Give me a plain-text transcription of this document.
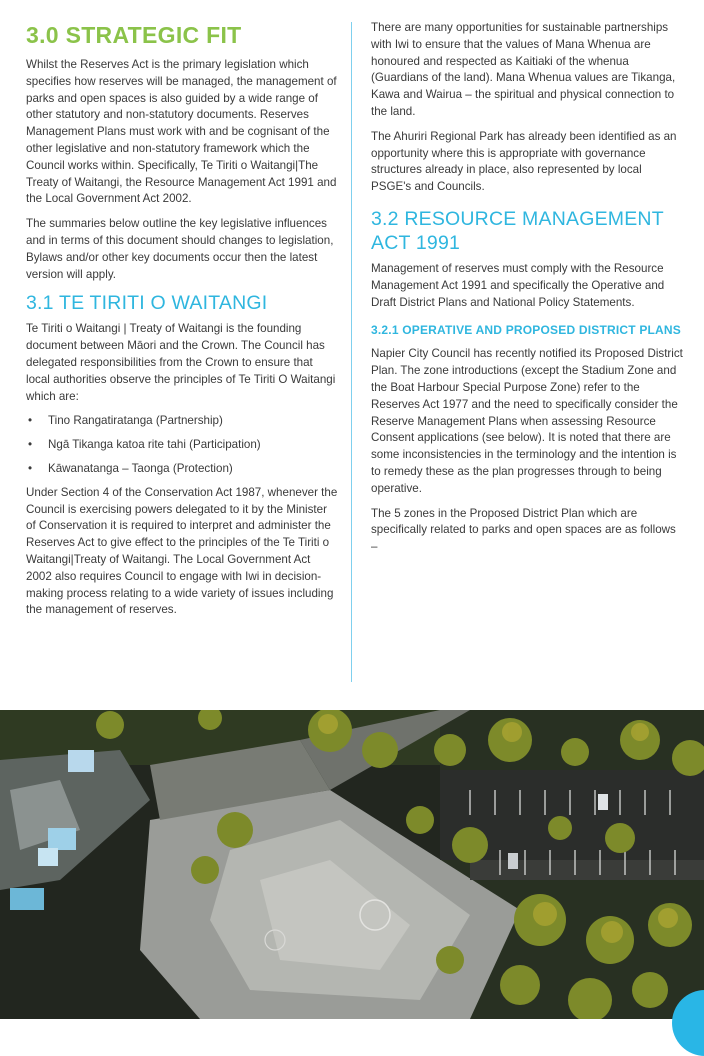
3.0 STRATEGIC FIT

Whilst the Reserves Act is the primary legislation which specifies how reserves will be managed, the management of parks and open spaces is also guided by a wide range of other statutory and non-statutory documents. Reserves Management Plans must work with and be cognisant of the other legislative and non-statutory framework which the Council works within. Specifically, Te Tiriti o Waitangi|The Treaty of Waitangi, the Resource Management Act 1991 and the Local Government Act 2002.

The summaries below outline the key legislative influences and in terms of this document should changes to legislation, Bylaws and/or other key documents occur then the latest version will apply.

3.1 TE TIRITI O WAITANGI

Te Tiriti o Waitangi | Treaty of Waitangi is the founding document between Māori and the Crown. The Council has delegated responsibilities from the Crown to ensure that local authorities observe the principles of Te Tiriti O Waitangi which are:

• Tino Rangatiratanga (Partnership)
• Ngā Tikanga katoa rite tahi (Participation)
• Kāwanatanga – Taonga (Protection)

Under Section 4 of the Conservation Act 1987, whenever the Council is exercising powers delegated to it by the Minister of Conservation it is required to interpret and administer the Reserves Act to give effect to the principles of the Te Tiriti o Waitangi|Treaty of Waitangi. The Local Government Act 2002 also requires Council to engage with Iwi in decision-making process relating to a wide variety of issues including the management of reserves.

There are many opportunities for sustainable partnerships with Iwi to ensure that the values of Mana Whenua are honoured and respected as Kaitiaki of the whenua (Guardians of the land). Mana Whenua values are Tikanga, Kawa and Wairua – the spiritual and physical connection to the land.

The Ahuriri Regional Park has already been identified as an opportunity where this is appropriate with governance structures already in place, also represented by local PSGE's and Councils.

3.2 RESOURCE MANAGEMENT ACT 1991

Management of reserves must comply with the Resource Management Act 1991 and specifically the Operative and Draft District Plans and National Policy Statements.

3.2.1 OPERATIVE AND PROPOSED DISTRICT PLANS

Napier City Council has recently notified its Proposed District Plan. The zone introductions (except the Stadium Zone and the Boat Harbour Special Purpose Zone) refer to the Reserves Act 1977 and the need to specifically consider the Reserve Management Plans when assessing Resource Consent applications (see below). It is noted that there are some inconsistencies in the terminology and the intention is to remedy these as the plan progresses through to being operative.

The 5 zones in the Proposed District Plan which are specifically related to parks and open spaces are as follows –
